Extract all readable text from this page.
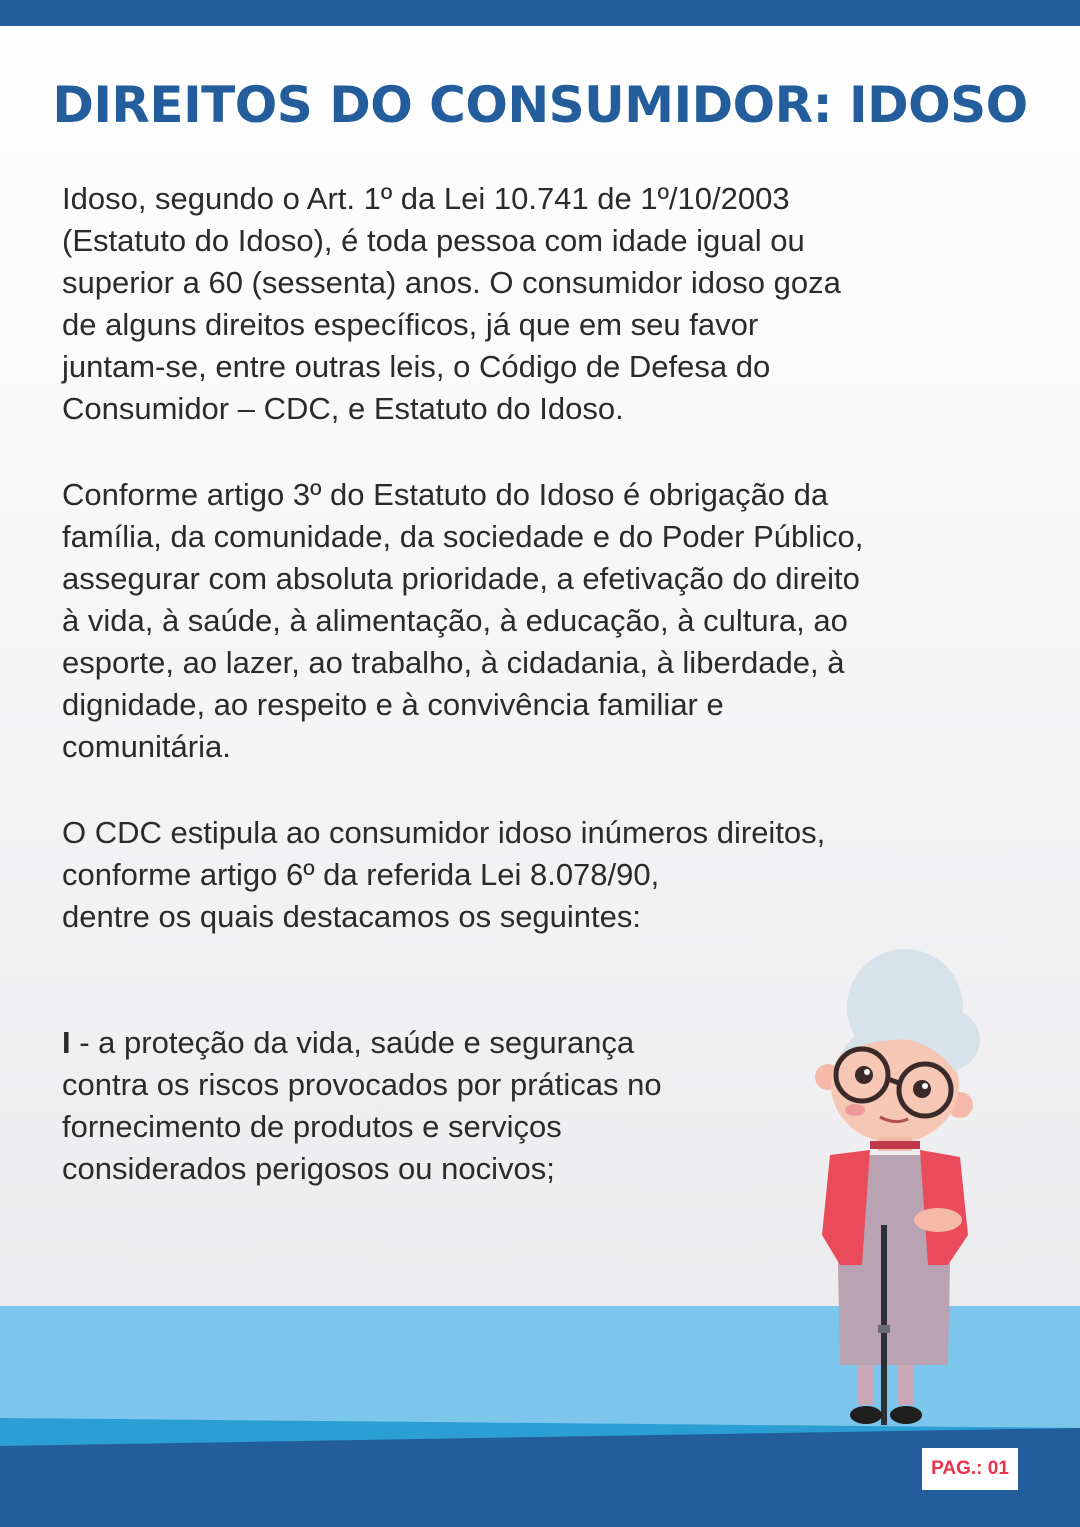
DIREITOS DO CONSUMIDOR: IDOSO

Idoso, segundo o Art. 1º da Lei 10.741 de 1º/10/2003
(Estatuto do Idoso), é toda pessoa com idade igual ou
superior a 60 (sessenta) anos. O consumidor idoso goza
de alguns direitos específicos, já que em seu favor
juntam-se, entre outras leis, o Código de Defesa do
Consumidor – CDC, e Estatuto do Idoso.

Conforme artigo 3º do Estatuto do Idoso é obrigação da
família, da comunidade, da sociedade e do Poder Público,
assegurar com absoluta prioridade, a efetivação do direito
à vida, à saúde, à alimentação, à educação, à cultura, ao
esporte, ao lazer, ao trabalho, à cidadania, à liberdade, à
dignidade, ao respeito e à convivência familiar e
comunitária.

O CDC estipula ao consumidor idoso inúmeros direitos,
conforme artigo 6º da referida Lei 8.078/90,
dentre os quais destacamos os seguintes:

I - a proteção da vida, saúde e segurança
contra os riscos provocados por práticas no
fornecimento de produtos e serviços
considerados perigosos ou nocivos;

PAG.: 01
